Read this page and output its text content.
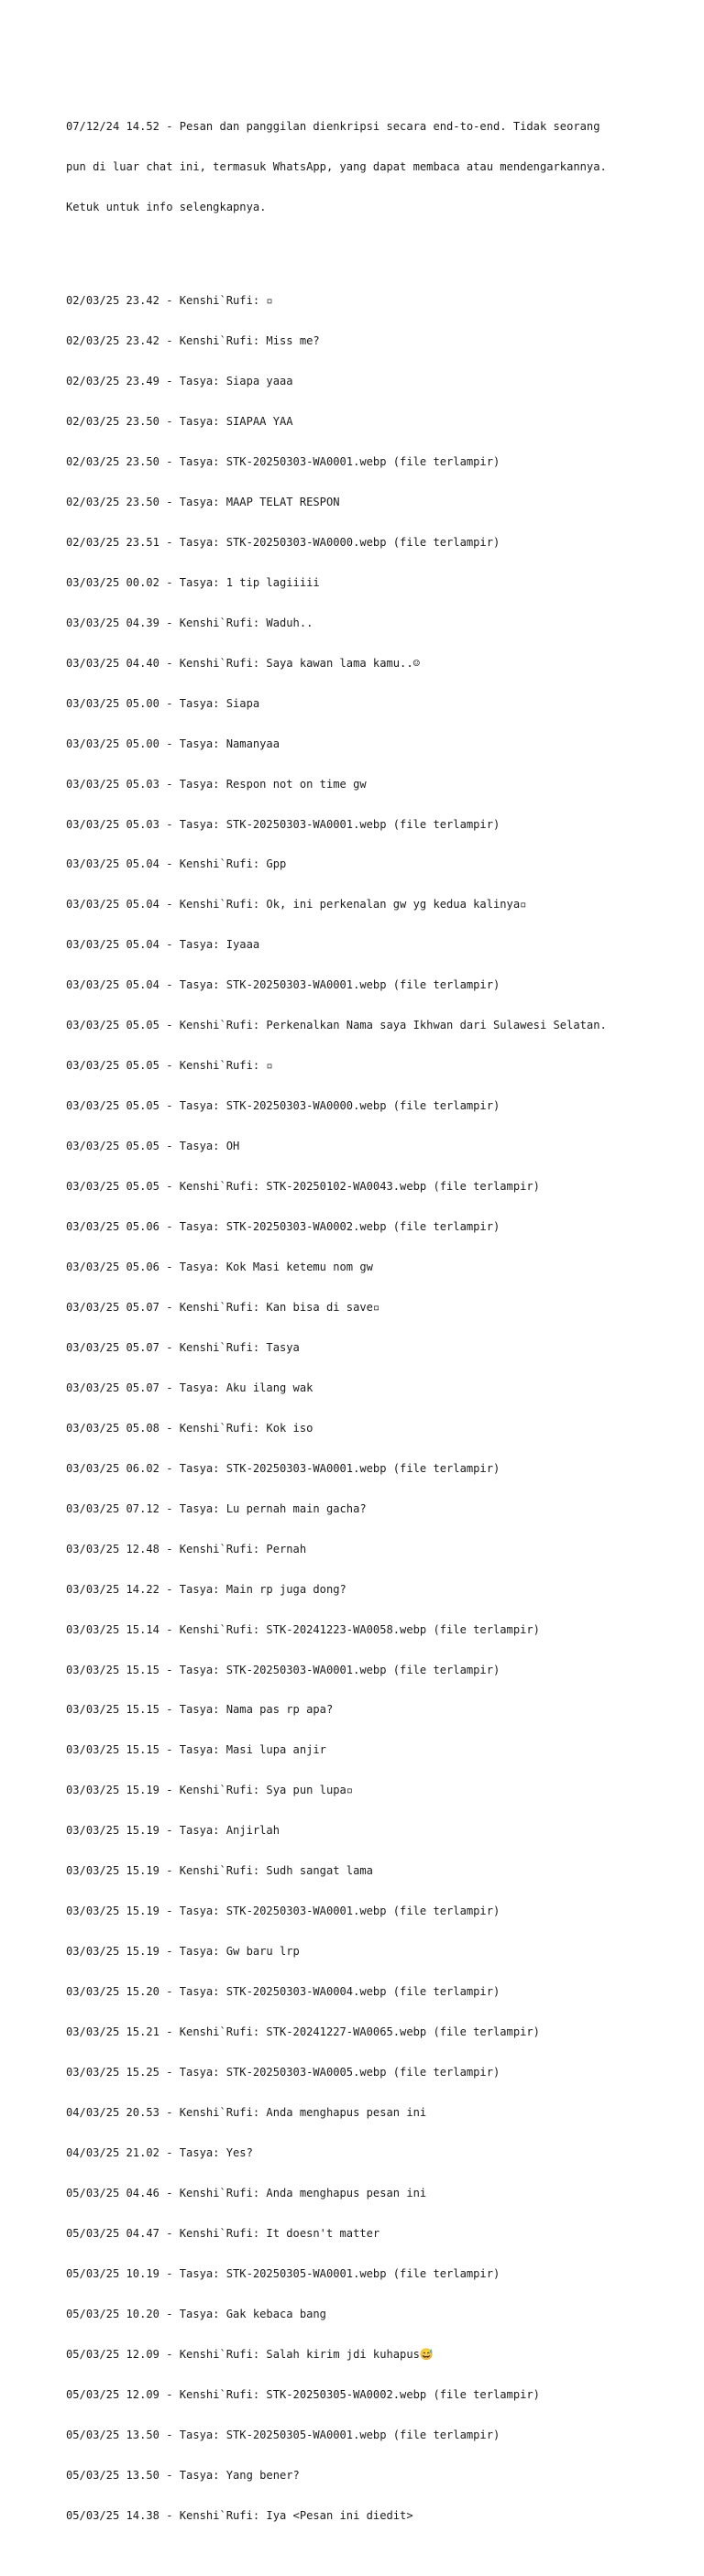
07/12/24 14.52 - Pesan dan panggilan dienkripsi secara end-to-end. Tidak seorang

pun di luar chat ini, termasuk WhatsApp, yang dapat membaca atau mendengarkannya.

Ketuk untuk info selengkapnya.

02/03/25 23.42 - Kenshi`Rufi: ▫

02/03/25 23.42 - Kenshi`Rufi: Miss me?

02/03/25 23.49 - Tasya: Siapa yaaa

02/03/25 23.50 - Tasya: SIAPAA YAA

02/03/25 23.50 - Tasya: STK-20250303-WA0001.webp (file terlampir)

02/03/25 23.50 - Tasya: MAAP TELAT RESPON

02/03/25 23.51 - Tasya: STK-20250303-WA0000.webp (file terlampir)

03/03/25 00.02 - Tasya: 1 tip lagiiiii

03/03/25 04.39 - Kenshi`Rufi: Waduh..

03/03/25 04.40 - Kenshi`Rufi: Saya kawan lama kamu..☺

03/03/25 05.00 - Tasya: Siapa

03/03/25 05.00 - Tasya: Namanyaa

03/03/25 05.03 - Tasya: Respon not on time gw

03/03/25 05.03 - Tasya: STK-20250303-WA0001.webp (file terlampir)

03/03/25 05.04 - Kenshi`Rufi: Gpp

03/03/25 05.04 - Kenshi`Rufi: Ok, ini perkenalan gw yg kedua kalinya▫

03/03/25 05.04 - Tasya: Iyaaa

03/03/25 05.04 - Tasya: STK-20250303-WA0001.webp (file terlampir)

03/03/25 05.05 - Kenshi`Rufi: Perkenalkan Nama saya Ikhwan dari Sulawesi Selatan.

03/03/25 05.05 - Kenshi`Rufi: ▫

03/03/25 05.05 - Tasya: STK-20250303-WA0000.webp (file terlampir)

03/03/25 05.05 - Tasya: OH

03/03/25 05.05 - Kenshi`Rufi: STK-20250102-WA0043.webp (file terlampir)

03/03/25 05.06 - Tasya: STK-20250303-WA0002.webp (file terlampir)

03/03/25 05.06 - Tasya: Kok Masi ketemu nom gw

03/03/25 05.07 - Kenshi`Rufi: Kan bisa di save▫

03/03/25 05.07 - Kenshi`Rufi: Tasya

03/03/25 05.07 - Tasya: Aku ilang wak

03/03/25 05.08 - Kenshi`Rufi: Kok iso

03/03/25 06.02 - Tasya: STK-20250303-WA0001.webp (file terlampir)

03/03/25 07.12 - Tasya: Lu pernah main gacha?

03/03/25 12.48 - Kenshi`Rufi: Pernah

03/03/25 14.22 - Tasya: Main rp juga dong?

03/03/25 15.14 - Kenshi`Rufi: STK-20241223-WA0058.webp (file terlampir)

03/03/25 15.15 - Tasya: STK-20250303-WA0001.webp (file terlampir)

03/03/25 15.15 - Tasya: Nama pas rp apa?

03/03/25 15.15 - Tasya: Masi lupa anjir

03/03/25 15.19 - Kenshi`Rufi: Sya pun lupa▫

03/03/25 15.19 - Tasya: Anjirlah

03/03/25 15.19 - Kenshi`Rufi: Sudh sangat lama

03/03/25 15.19 - Tasya: STK-20250303-WA0001.webp (file terlampir)

03/03/25 15.19 - Tasya: Gw baru lrp

03/03/25 15.20 - Tasya: STK-20250303-WA0004.webp (file terlampir)

03/03/25 15.21 - Kenshi`Rufi: STK-20241227-WA0065.webp (file terlampir)

03/03/25 15.25 - Tasya: STK-20250303-WA0005.webp (file terlampir)

04/03/25 20.53 - Kenshi`Rufi: Anda menghapus pesan ini

04/03/25 21.02 - Tasya: Yes?

05/03/25 04.46 - Kenshi`Rufi: Anda menghapus pesan ini

05/03/25 04.47 - Kenshi`Rufi: It doesn't matter

05/03/25 10.19 - Tasya: STK-20250305-WA0001.webp (file terlampir)

05/03/25 10.20 - Tasya: Gak kebaca bang

05/03/25 12.09 - Kenshi`Rufi: Salah kirim jdi kuhapus😅

05/03/25 12.09 - Kenshi`Rufi: STK-20250305-WA0002.webp (file terlampir)

05/03/25 13.50 - Tasya: STK-20250305-WA0001.webp (file terlampir)

05/03/25 13.50 - Tasya: Yang bener?

05/03/25 14.38 - Kenshi`Rufi: Iya <Pesan ini diedit>
